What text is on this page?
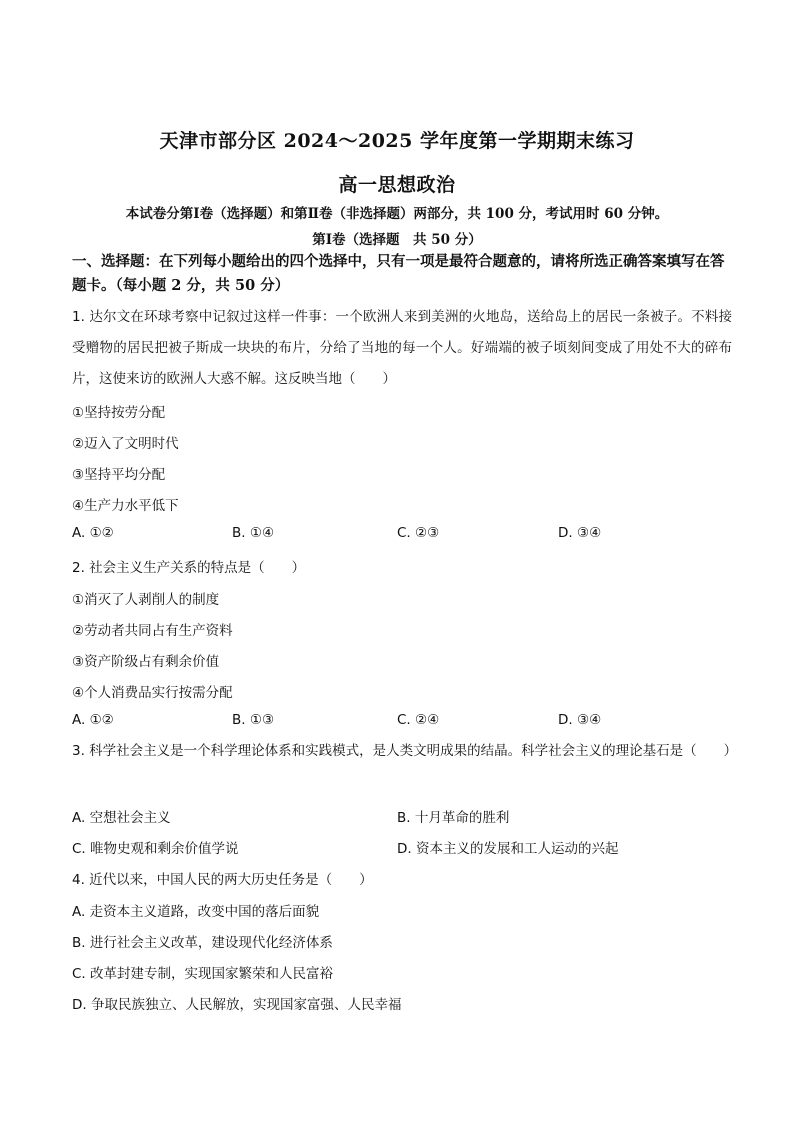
天津市部分区 2024～2025 学年度第一学期期末练习
高一思想政治
本试卷分第Ⅰ卷（选择题）和第Ⅱ卷（非选择题）两部分，共 100 分，考试用时 60 分钟。
第Ⅰ卷（选择题　共 50 分）
一、选择题：在下列每小题给出的四个选择中，只有一项是最符合题意的，请将所选正确答案填写在答题卡。（每小题 2 分，共 50 分）
1. 达尔文在环球考察中记叙过这样一件事：一个欧洲人来到美洲的火地岛，送给岛上的居民一条被子。不料接受赠物的居民把被子斯成一块块的布片，分给了当地的每一个人。好端端的被子顷刻间变成了用处不大的碎布片，这使来访的欧洲人大惑不解。这反映当地（　　）
①坚持按劳分配
②迈入了文明时代
③坚持平均分配
④生产力水平低下
A. ①②	B. ①④	C. ②③	D. ③④
2. 社会主义生产关系的特点是（　　）
①消灭了人剥削人的制度
②劳动者共同占有生产资料
③资产阶级占有剩余价值
④个人消费品实行按需分配
A. ①②	B. ①③	C. ②④	D. ③④
3. 科学社会主义是一个科学理论体系和实践模式，是人类文明成果的结晶。科学社会主义的理论基石是（　　）
A. 空想社会主义	B. 十月革命的胜利
C. 唯物史观和剩余价值学说	D. 资本主义的发展和工人运动的兴起
4. 近代以来，中国人民的两大历史任务是（　　）
A. 走资本主义道路，改变中国的落后面貌
B. 进行社会主义改革，建设现代化经济体系
C. 改革封建专制，实现国家繁荣和人民富裕
D. 争取民族独立、人民解放，实现国家富强、人民幸福
